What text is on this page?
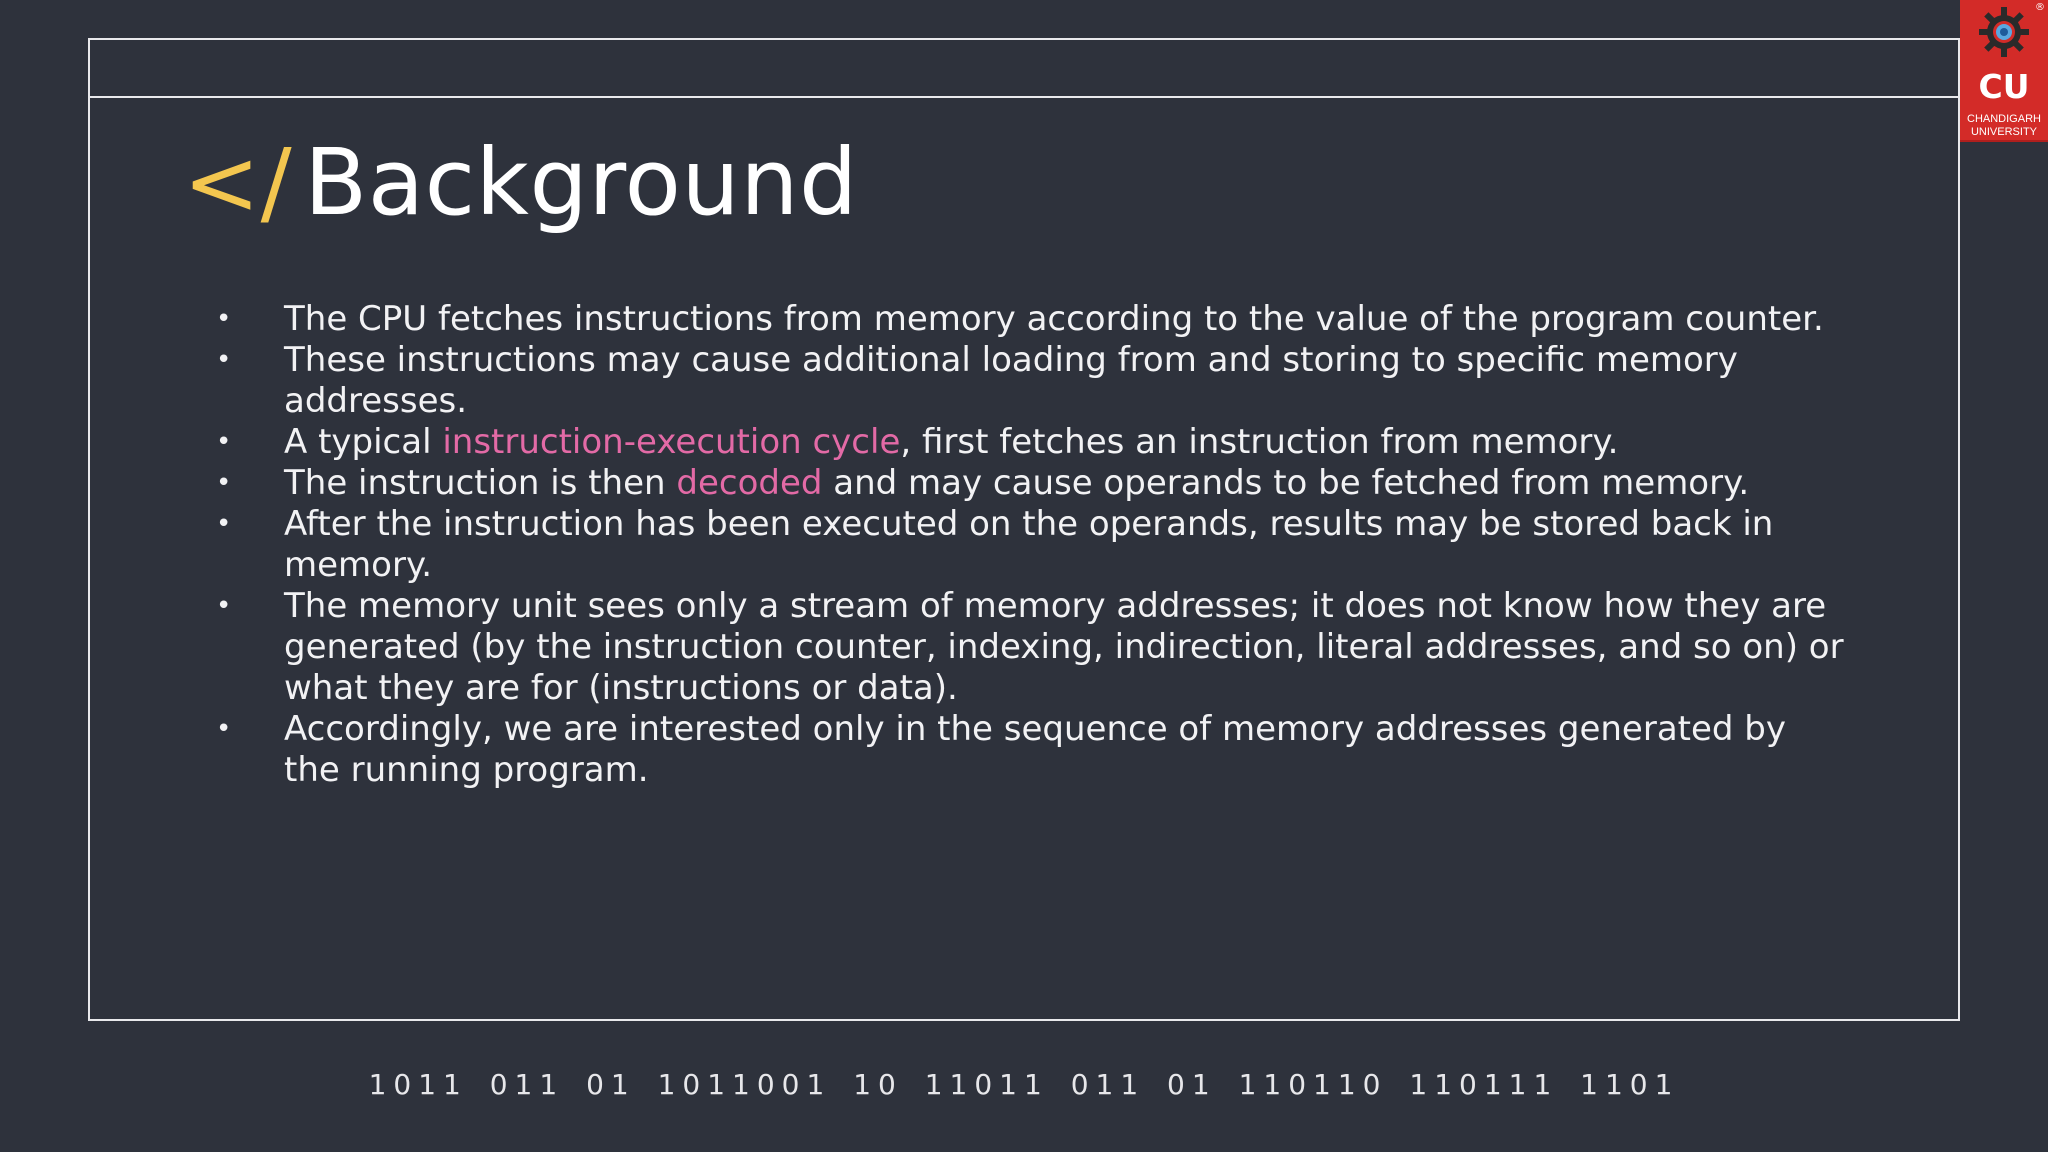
</ Background
• The CPU fetches instructions from memory according to the value of the program counter.
• These instructions may cause additional loading from and storing to specific memory addresses.
• A typical instruction-execution cycle, first fetches an instruction from memory.
• The instruction is then decoded and may cause operands to be fetched from memory.
• After the instruction has been executed on the operands, results may be stored back in memory.
• The memory unit sees only a stream of memory addresses; it does not know how they are generated (by the instruction counter, indexing, indirection, literal addresses, and so on) or what they are for (instructions or data).
• Accordingly, we are interested only in the sequence of memory addresses generated by the running program.
1011 011 01 1011001 10 11011 011 01 110110 110111 1101
®
CU
CHANDIGARH
UNIVERSITY
